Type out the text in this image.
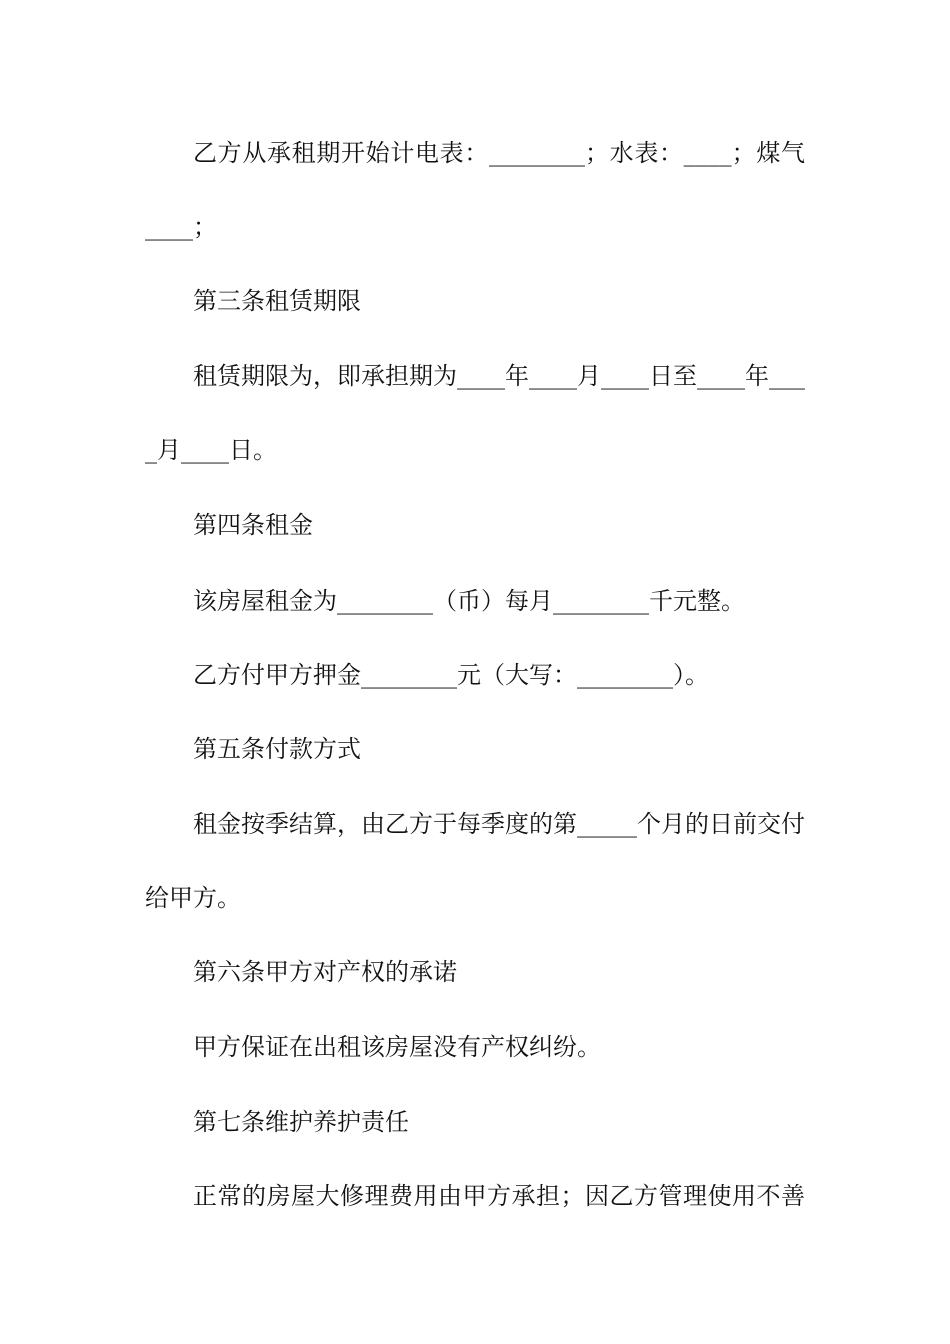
乙方从承租期开始计电表：________；水表：____；煤气
____；
第三条租赁期限
租赁期限为，即承担期为____年____月____日至____年___
_月____日。
第四条租金
该房屋租金为________（币）每月________千元整。
乙方付甲方押金________元（大写：________）。
第五条付款方式
租金按季结算，由乙方于每季度的第_____个月的日前交付
给甲方。
第六条甲方对产权的承诺
甲方保证在出租该房屋没有产权纠纷。
第七条维护养护责任
正常的房屋大修理费用由甲方承担；因乙方管理使用不善
